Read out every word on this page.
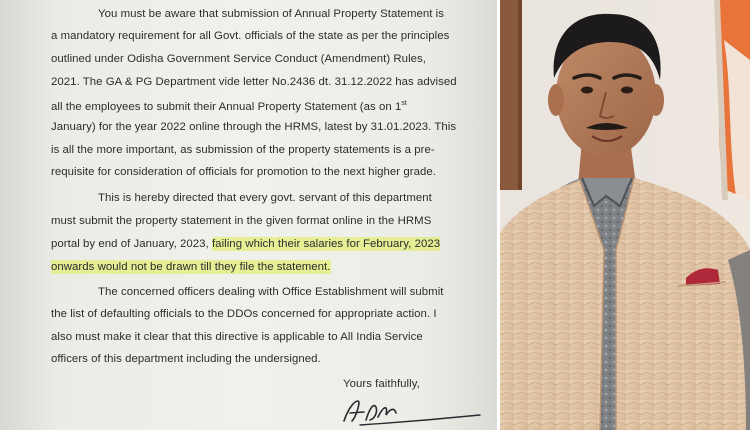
You must be aware that submission of Annual Property Statement is
a mandatory requirement for all Govt. officials of the state as per the principles
outlined under Odisha Government Service Conduct (Amendment) Rules,
2021. The GA & PG Department vide letter No.2436 dt. 31.12.2022 has advised
all the employees to submit their Annual Property Statement (as on 1st
January) for the year 2022 online through the HRMS, latest by 31.01.2023. This
is all the more important, as submission of the property statements is a pre-
requisite for consideration of officials for promotion to the next higher grade.
This is hereby directed that every govt. servant of this department
must submit the property statement in the given format online in the HRMS
portal by end of January, 2023, failing which their salaries for February, 2023
onwards would not be drawn till they file the statement.
The concerned officers dealing with Office Establishment will submit
the list of defaulting officials to the DDOs concerned for appropriate action. I
also must make it clear that this directive is applicable to All India Service
officers of this department including the undersigned.
Yours faithfully,
